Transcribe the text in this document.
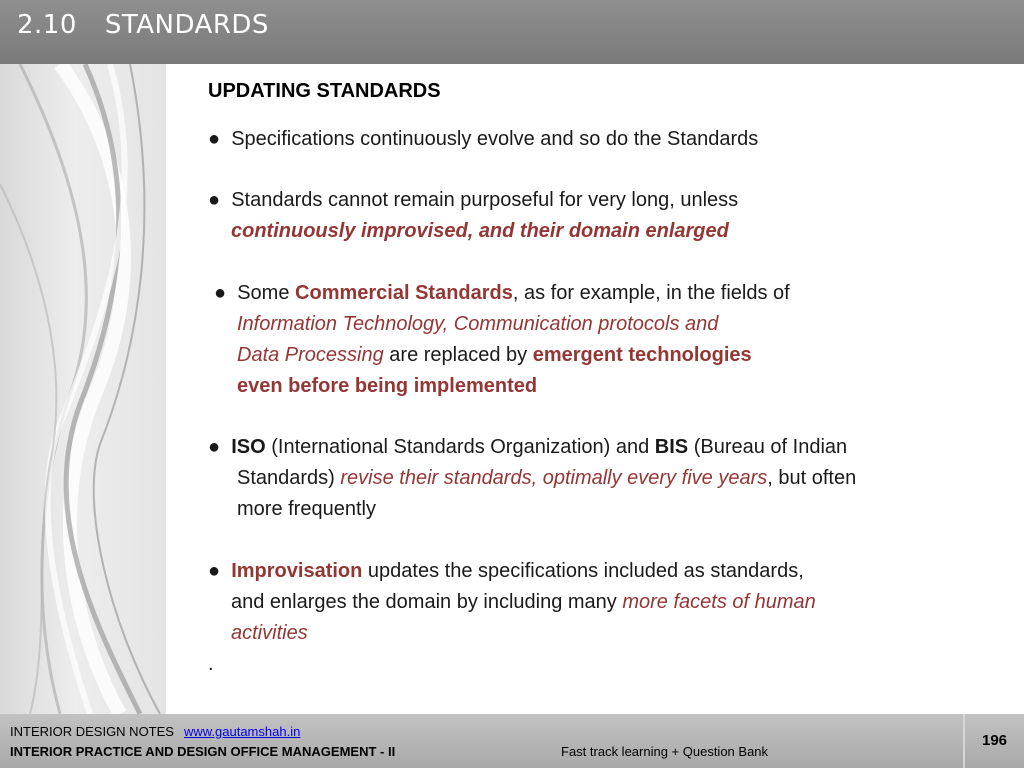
2.10 STANDARDS
UPDATING STANDARDS
● Specifications continuously evolve and so do the Standards
● Standards cannot remain purposeful for very long, unless
continuously improvised, and their domain enlarged
● Some Commercial Standards, as for example, in the fields of
Information Technology, Communication protocols and
Data Processing are replaced by emergent technologies
even before being implemented
● ISO (International Standards Organization) and BIS (Bureau of Indian
Standards) revise their standards, optimally every five years, but often
more frequently
● Improvisation updates the specifications included as standards,
and enlarges the domain by including many more facets of human
activities
.
INTERIOR DESIGN NOTES www.gautamshah.in
INTERIOR PRACTICE AND DESIGN OFFICE MANAGEMENT - II	Fast track learning + Question Bank
196
